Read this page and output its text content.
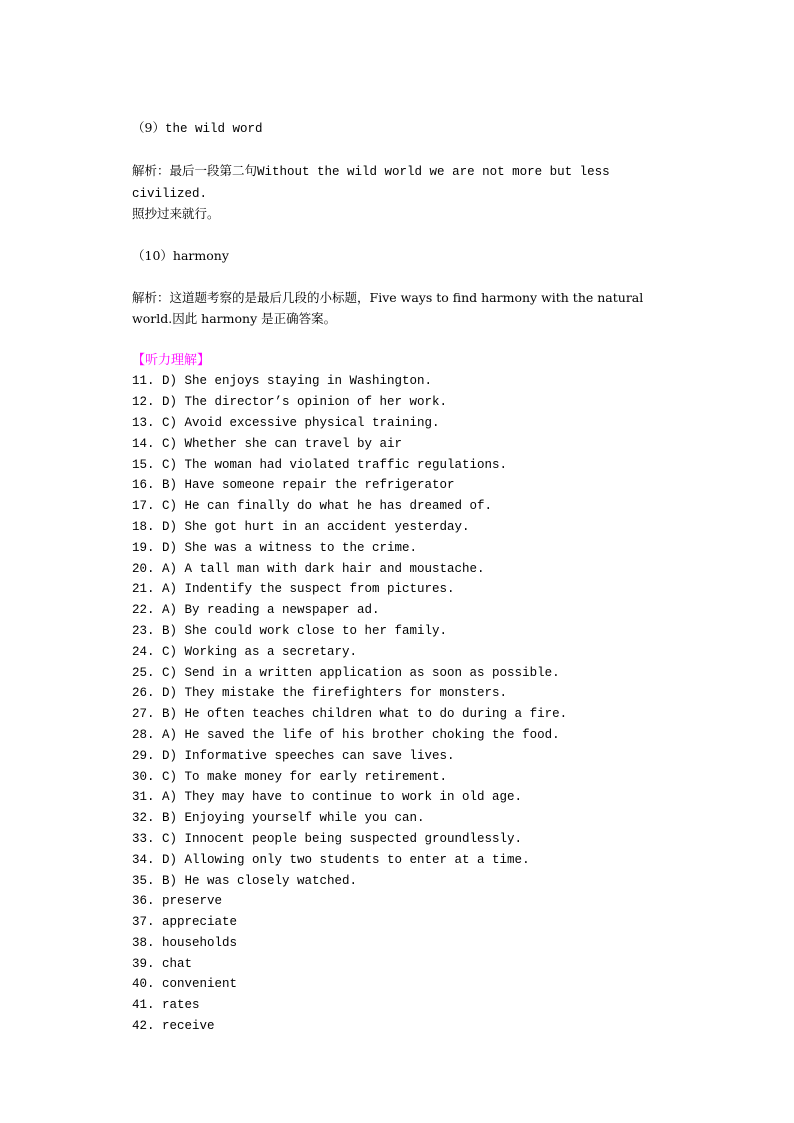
（9）the wild word

解析：最后一段第二句Without the wild world we are not more but less civilized.
照抄过来就行。

（10）harmony

解析：这道题考察的是最后几段的小标题，Five ways to find harmony with the natural
world.因此 harmony 是正确答案。

【听力理解】

11. D) She enjoys staying in Washington.
12. D) The director’s opinion of her work.
13. C) Avoid excessive physical training.
14. C) Whether she can travel by air
15. C) The woman had violated traffic regulations.
16. B) Have someone repair the refrigerator
17. C) He can finally do what he has dreamed of.
18. D) She got hurt in an accident yesterday.
19. D) She was a witness to the crime.
20. A) A tall man with dark hair and moustache.
21. A) Indentify the suspect from pictures.
22. A) By reading a newspaper ad.
23. B) She could work close to her family.
24. C) Working as a secretary.
25. C) Send in a written application as soon as possible.
26. D) They mistake the firefighters for monsters.
27. B) He often teaches children what to do during a fire.
28. A) He saved the life of his brother choking the food.
29. D) Informative speeches can save lives.
30. C) To make money for early retirement.
31. A) They may have to continue to work in old age.
32. B) Enjoying yourself while you can.
33. C) Innocent people being suspected groundlessly.
34. D) Allowing only two students to enter at a time.
35. B) He was closely watched.
36. preserve
37. appreciate
38. households
39. chat
40. convenient
41. rates
42. receive
